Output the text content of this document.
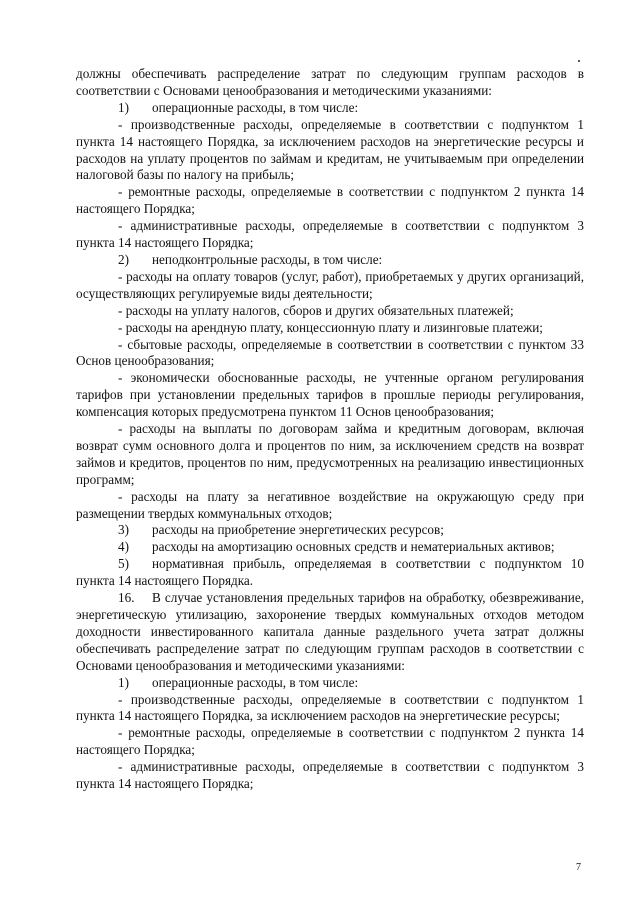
должны обеспечивать распределение затрат по следующим группам расходов в соответствии с Основами ценообразования и методическими указаниями:

1) операционные расходы, в том числе:

- производственные расходы, определяемые в соответствии с подпунктом 1 пункта 14 настоящего Порядка, за исключением расходов на энергетические ресурсы и расходов на уплату процентов по займам и кредитам, не учитываемым при определении налоговой базы по налогу на прибыль;

- ремонтные расходы, определяемые в соответствии с подпунктом 2 пункта 14 настоящего Порядка;

- административные расходы, определяемые в соответствии с подпунктом 3 пункта 14 настоящего Порядка;

2) неподконтрольные расходы, в том числе:

- расходы на оплату товаров (услуг, работ), приобретаемых у других организаций, осуществляющих регулируемые виды деятельности;

- расходы на уплату налогов, сборов и других обязательных платежей;

- расходы на арендную плату, концессионную плату и лизинговые платежи;

- сбытовые расходы, определяемые в соответствии в соответствии с пунктом 33 Основ ценообразования;

- экономически обоснованные расходы, не учтенные органом регулирования тарифов при установлении предельных тарифов в прошлые периоды регулирования, компенсация которых предусмотрена пунктом 11 Основ ценообразования;

- расходы на выплаты по договорам займа и кредитным договорам, включая возврат сумм основного долга и процентов по ним, за исключением средств на возврат займов и кредитов, процентов по ним, предусмотренных на реализацию инвестиционных программ;

- расходы на плату за негативное воздействие на окружающую среду при размещении твердых коммунальных отходов;

3) расходы на приобретение энергетических ресурсов;

4) расходы на амортизацию основных средств и нематериальных активов;

5) нормативная прибыль, определяемая в соответствии с подпунктом 10 пункта 14 настоящего Порядка.

16. В случае установления предельных тарифов на обработку, обезвреживание, энергетическую утилизацию, захоронение твердых коммунальных отходов методом доходности инвестированного капитала данные раздельного учета затрат должны обеспечивать распределение затрат по следующим группам расходов в соответствии с Основами ценообразования и методическими указаниями:

1) операционные расходы, в том числе:

- производственные расходы, определяемые в соответствии с подпунктом 1 пункта 14 настоящего Порядка, за исключением расходов на энергетические ресурсы;

- ремонтные расходы, определяемые в соответствии с подпунктом 2 пункта 14 настоящего Порядка;

- административные расходы, определяемые в соответствии с подпунктом 3 пункта 14 настоящего Порядка;

7
